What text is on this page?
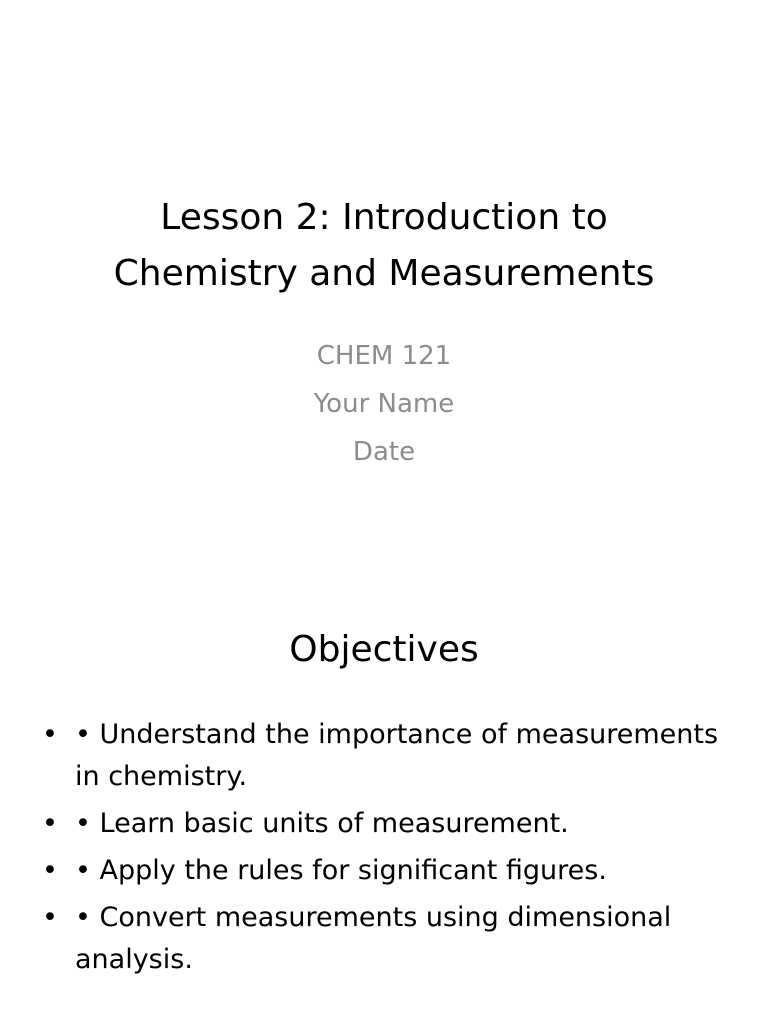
Lesson 2: Introduction to
Chemistry and Measurements
CHEM 121
Your Name
Date
Objectives
• • Understand the importance of measurements in chemistry.
• • Learn basic units of measurement.
• • Apply the rules for significant figures.
• • Convert measurements using dimensional analysis.
